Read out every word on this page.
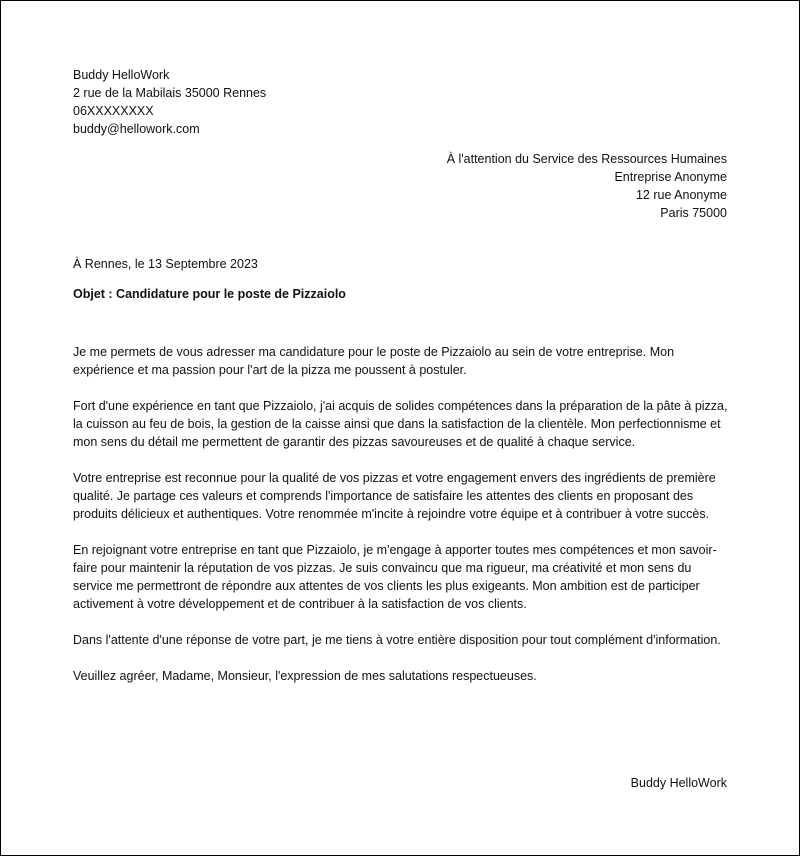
Buddy HelloWork
2 rue de la Mabilais 35000 Rennes
06XXXXXXXX
buddy@hellowork.com
À l'attention du Service des Ressources Humaines
Entreprise Anonyme
12 rue Anonyme
Paris 75000
À Rennes, le 13 Septembre 2023
Objet : Candidature pour le poste de Pizzaiolo

Je me permets de vous adresser ma candidature pour le poste de Pizzaiolo au sein de votre entreprise. Mon expérience et ma passion pour l'art de la pizza me poussent à postuler.

Fort d'une expérience en tant que Pizzaiolo, j'ai acquis de solides compétences dans la préparation de la pâte à pizza, la cuisson au feu de bois, la gestion de la caisse ainsi que dans la satisfaction de la clientèle. Mon perfectionnisme et mon sens du détail me permettent de garantir des pizzas savoureuses et de qualité à chaque service.

Votre entreprise est reconnue pour la qualité de vos pizzas et votre engagement envers des ingrédients de première qualité. Je partage ces valeurs et comprends l'importance de satisfaire les attentes des clients en proposant des produits délicieux et authentiques. Votre renommée m'incite à rejoindre votre équipe et à contribuer à votre succès.

En rejoignant votre entreprise en tant que Pizzaiolo, je m'engage à apporter toutes mes compétences et mon savoir-faire pour maintenir la réputation de vos pizzas. Je suis convaincu que ma rigueur, ma créativité et mon sens du service me permettront de répondre aux attentes de vos clients les plus exigeants. Mon ambition est de participer activement à votre développement et de contribuer à la satisfaction de vos clients.

Dans l'attente d'une réponse de votre part, je me tiens à votre entière disposition pour tout complément d'information.

Veuillez agréer, Madame, Monsieur, l'expression de mes salutations respectueuses.

Buddy HelloWork
